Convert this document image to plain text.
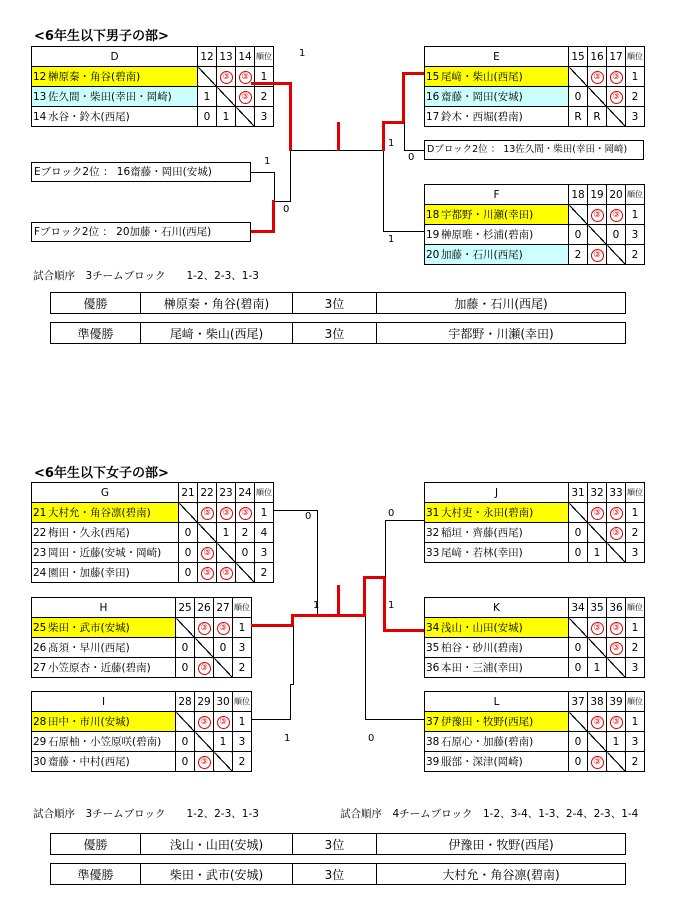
<6年生以下男子の部>
D	12	13	14	順位
12 榊原秦・角谷(碧南)		③	③	1
13 佐久間・柴田(幸田・岡崎)	1		③	2
14 水谷・鈴木(西尾)	0	1		3
E	15	16	17	順位
15 尾﨑・柴山(西尾)		③	③	1
16 齋藤・岡田(安城)	0		③	2
17 鈴木・西堀(碧南)	R	R		3
F	18	19	20	順位
18 宇都野・川瀬(幸田)		③	③	1
19 榊原唯・杉浦(碧南)	0		0	3
20 加藤・石川(西尾)	2	③		2
Eブロック2位 ： 16齋藤・岡田(安城)
Fブロック2位 ： 20加藤・石川(西尾)
Dブロック2位 ： 13佐久間・柴田(幸田・岡崎)
1
1
0
1
1
0
試合順序　3チームブロック　　1-2、2-3、1-3
優勝	榊原秦・角谷(碧南)	3位	加藤・石川(西尾)
準優勝	尾﨑・柴山(西尾)	3位	宇都野・川瀬(幸田)
<6年生以下女子の部>
G	21	22	23	24	順位
21 大村允・角谷凛(碧南)		③	③	③	1
22 梅田・久永(西尾)	0		1	2	4
23 岡田・近藤(安城・岡崎)	0	③		0	3
24 園田・加藤(幸田)	0	③	③		2
H	25	26	27	順位
25 柴田・武市(安城)		③	③	1
26 髙須・早川(西尾)	0		0	3
27 小笠原杏・近藤(碧南)	0	③		2
I	28	29	30	順位
28 田中・市川(安城)		③	③	1
29 石原柚・小笠原咲(碧南)	0		1	3
30 齋藤・中村(西尾)	0	③		2
J	31	32	33	順位
31 大村吏・永田(碧南)		③	③	1
32 稲垣・齊藤(西尾)	0		③	2
33 尾﨑・若林(幸田)	0	1		3
K	34	35	36	順位
34 浅山・山田(安城)		③	③	1
35 柏谷・砂川(碧南)	0		③	2
36 本田・三浦(幸田)	0	1		3
L	37	38	39	順位
37 伊豫田・牧野(西尾)		③	③	1
38 石原心・加藤(碧南)	0		1	3
39 服部・深津(岡崎)	0	③		2
0
1
1	0
0
1
試合順序　3チームブロック　　1-2、2-3、1-3	試合順序　4チームブロック　1-2、3-4、1-3、2-4、2-3、1-4
優勝	浅山・山田(安城)	3位	伊豫田・牧野(西尾)
準優勝	柴田・武市(安城)	3位	大村允・角谷凛(碧南)
